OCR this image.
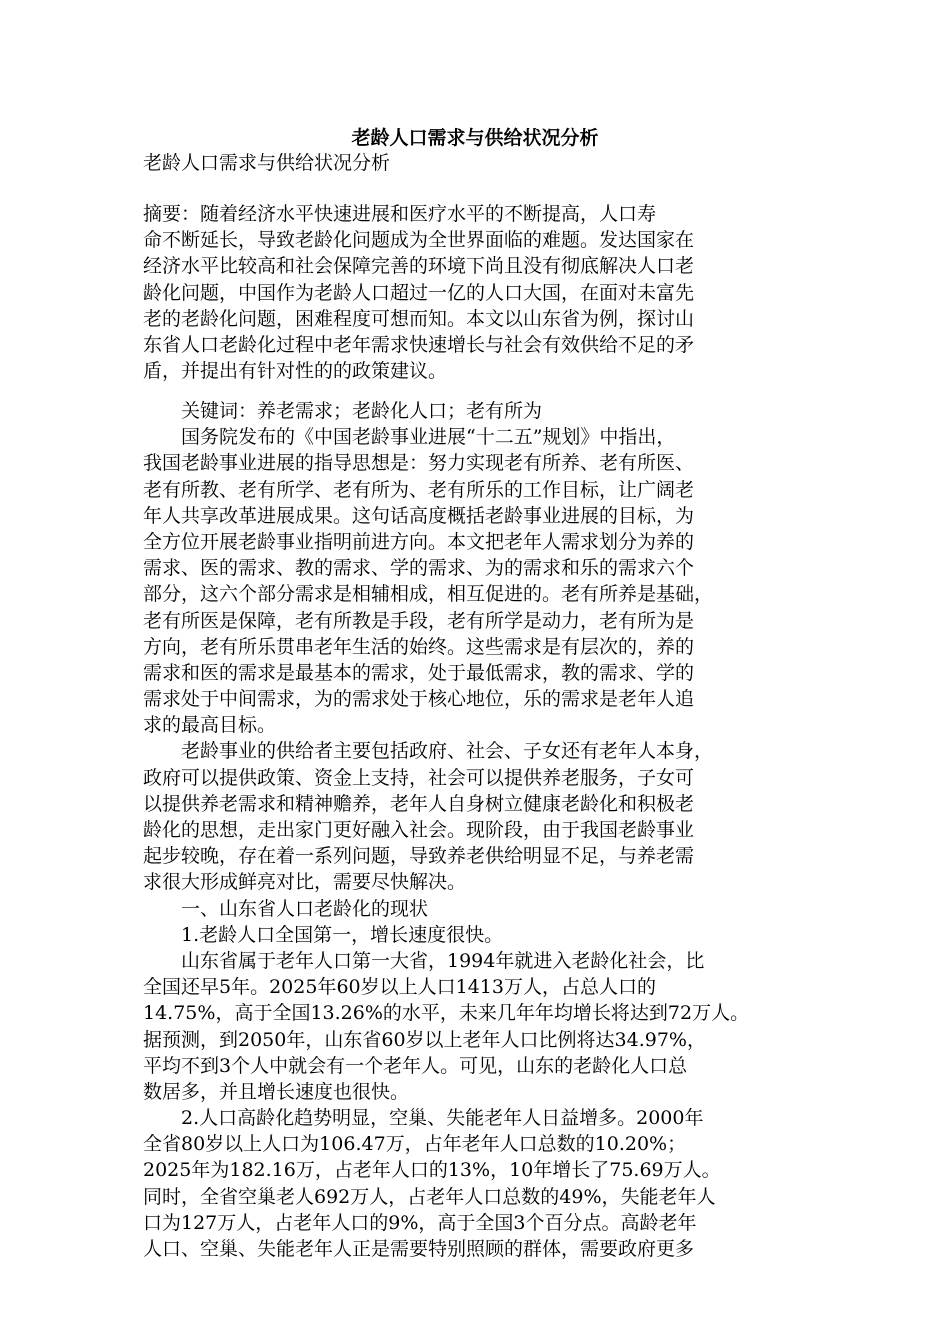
老龄人口需求与供给状况分析
老龄人口需求与供给状况分析
摘要：随着经济水平快速进展和医疗水平的不断提高，人口寿
命不断延长，导致老龄化问题成为全世界面临的难题。发达国家在
经济水平比较高和社会保障完善的环境下尚且没有彻底解决人口老
龄化问题，中国作为老龄人口超过一亿的人口大国，在面对未富先
老的老龄化问题，困难程度可想而知。本文以山东省为例，探讨山
东省人口老龄化过程中老年需求快速增长与社会有效供给不足的矛
盾，并提出有针对性的的政策建议。
　　关键词：养老需求；老龄化人口；老有所为
　　国务院发布的《中国老龄事业进展“十二五”规划》中指出，
我国老龄事业进展的指导思想是：努力实现老有所养、老有所医、
老有所教、老有所学、老有所为、老有所乐的工作目标，让广阔老
年人共享改革进展成果。这句话高度概括老龄事业进展的目标，为
全方位开展老龄事业指明前进方向。本文把老年人需求划分为养的
需求、医的需求、教的需求、学的需求、为的需求和乐的需求六个
部分，这六个部分需求是相辅相成，相互促进的。老有所养是基础，
老有所医是保障，老有所教是手段，老有所学是动力，老有所为是
方向，老有所乐贯串老年生活的始终。这些需求是有层次的，养的
需求和医的需求是最基本的需求，处于最低需求，教的需求、学的
需求处于中间需求，为的需求处于核心地位，乐的需求是老年人追
求的最高目标。
　　老龄事业的供给者主要包括政府、社会、子女还有老年人本身，
政府可以提供政策、资金上支持，社会可以提供养老服务，子女可
以提供养老需求和精神赡养，老年人自身树立健康老龄化和积极老
龄化的思想，走出家门更好融入社会。现阶段，由于我国老龄事业
起步较晚，存在着一系列问题，导致养老供给明显不足，与养老需
求很大形成鲜亮对比，需要尽快解决。
　　一、山东省人口老龄化的现状
　　1.老龄人口全国第一，增长速度很快。
　　山东省属于老年人口第一大省，1994年就进入老龄化社会，比
全国还早5年。2025年60岁以上人口1413万人，占总人口的
14.75%，高于全国13.26%的水平，未来几年年均增长将达到72万人。
据预测，到2050年，山东省60岁以上老年人口比例将达34.97%，
平均不到3个人中就会有一个老年人。可见，山东的老龄化人口总
数居多，并且增长速度也很快。
　　2.人口高龄化趋势明显，空巢、失能老年人日益增多。2000年
全省80岁以上人口为106.47万，占年老年人口总数的10.20%；
2025年为182.16万，占老年人口的13%，10年增长了75.69万人。
同时，全省空巢老人692万人，占老年人口总数的49%，失能老年人
口为127万人，占老年人口的9%，高于全国3个百分点。高龄老年
人口、空巢、失能老年人正是需要特别照顾的群体，需要政府更多
